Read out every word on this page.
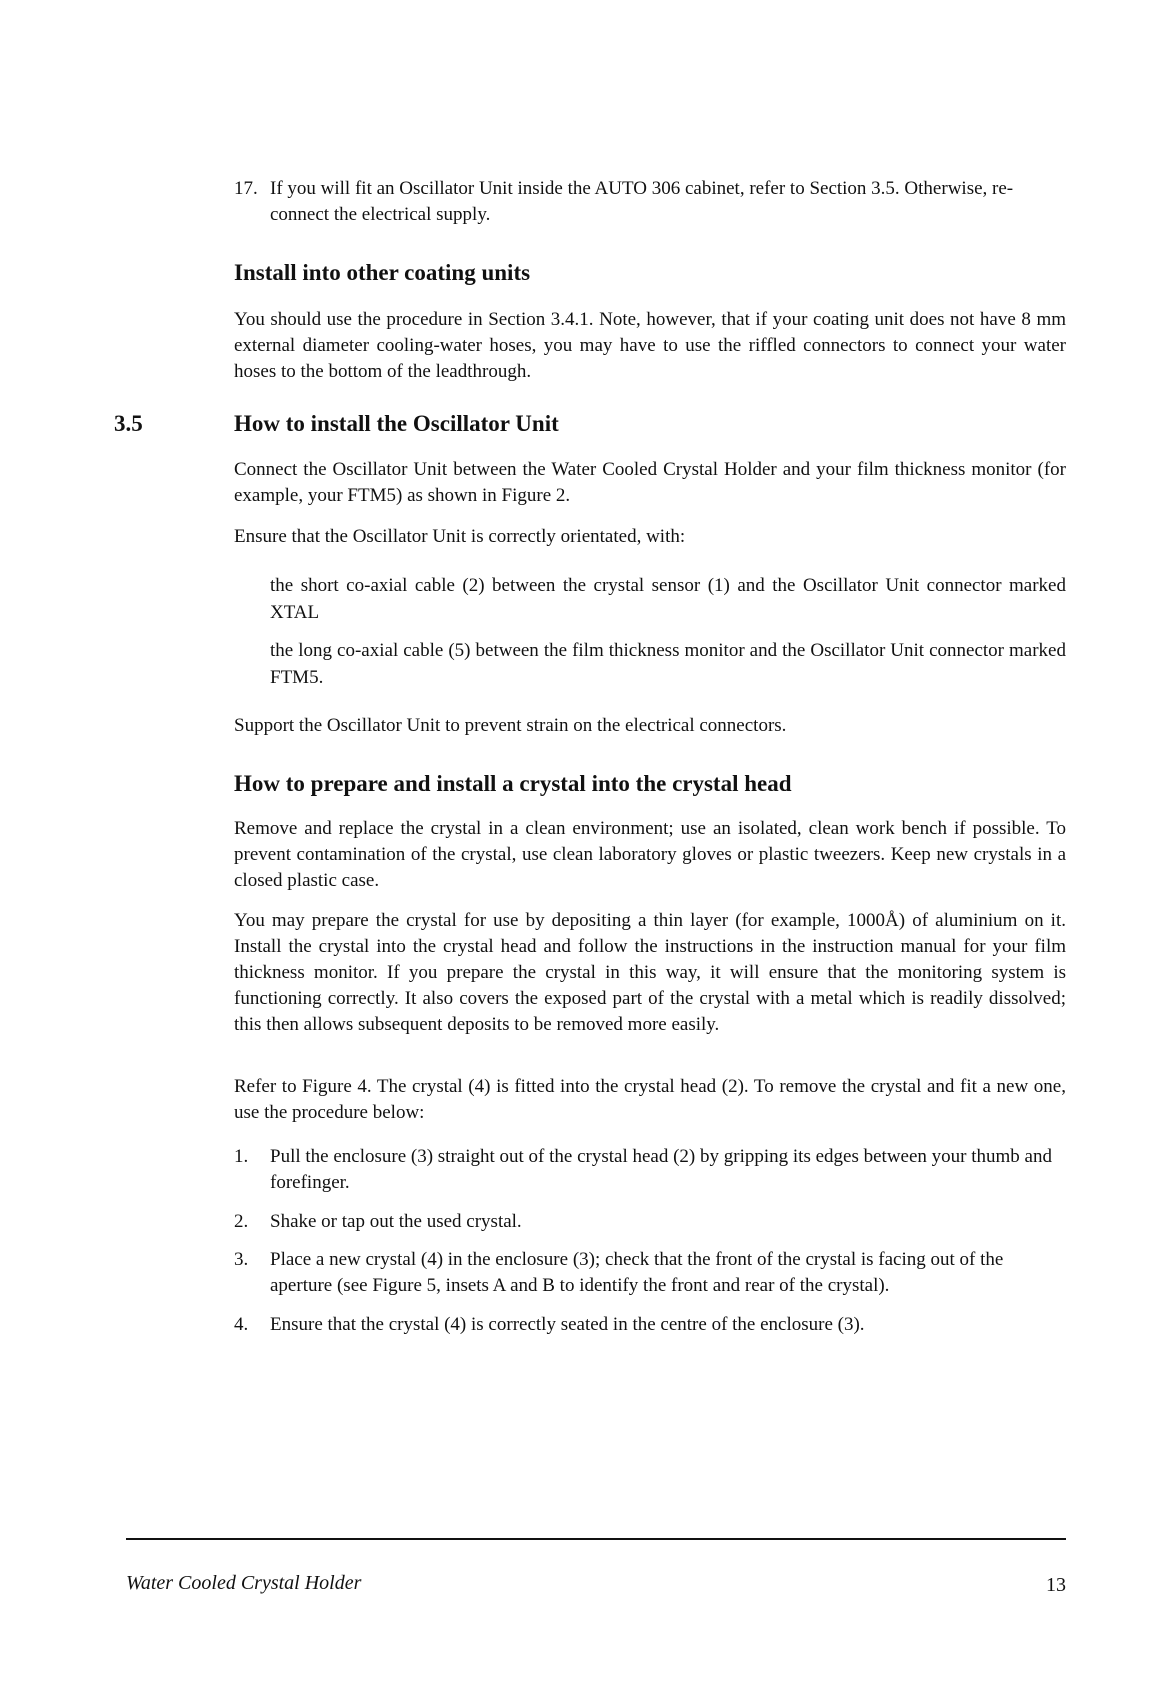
17. If you will fit an Oscillator Unit inside the AUTO 306 cabinet, refer to Section 3.5. Otherwise, re-connect the electrical supply.
Install into other coating units

You should use the procedure in Section 3.4.1. Note, however, that if your coating unit does not have 8 mm external diameter cooling-water hoses, you may have to use the riffled connectors to connect your water hoses to the bottom of the leadthrough.

3.5	How to install the Oscillator Unit

Connect the Oscillator Unit between the Water Cooled Crystal Holder and your film thickness monitor (for example, your FTM5) as shown in Figure 2.

Ensure that the Oscillator Unit is correctly orientated, with:

the short co-axial cable (2) between the crystal sensor (1) and the Oscillator Unit connector marked XTAL

the long co-axial cable (5) between the film thickness monitor and the Oscillator Unit connector marked FTM5.

Support the Oscillator Unit to prevent strain on the electrical connectors.

How to prepare and install a crystal into the crystal head

Remove and replace the crystal in a clean environment; use an isolated, clean work bench if possible. To prevent contamination of the crystal, use clean laboratory gloves or plastic tweezers. Keep new crystals in a closed plastic case.

You may prepare the crystal for use by depositing a thin layer (for example, 1000Å) of aluminium on it. Install the crystal into the crystal head and follow the instructions in the instruction manual for your film thickness monitor. If you prepare the crystal in this way, it will ensure that the monitoring system is functioning correctly. It also covers the exposed part of the crystal with a metal which is readily dissolved; this then allows subsequent deposits to be removed more easily.

Refer to Figure 4. The crystal (4) is fitted into the crystal head (2). To remove the crystal and fit a new one, use the procedure below:

1. Pull the enclosure (3) straight out of the crystal head (2) by gripping its edges between your thumb and forefinger.
2. Shake or tap out the used crystal.
3. Place a new crystal (4) in the enclosure (3); check that the front of the crystal is facing out of the aperture (see Figure 5, insets A and B to identify the front and rear of the crystal).
4. Ensure that the crystal (4) is correctly seated in the centre of the enclosure (3).
Water Cooled Crystal Holder	13
